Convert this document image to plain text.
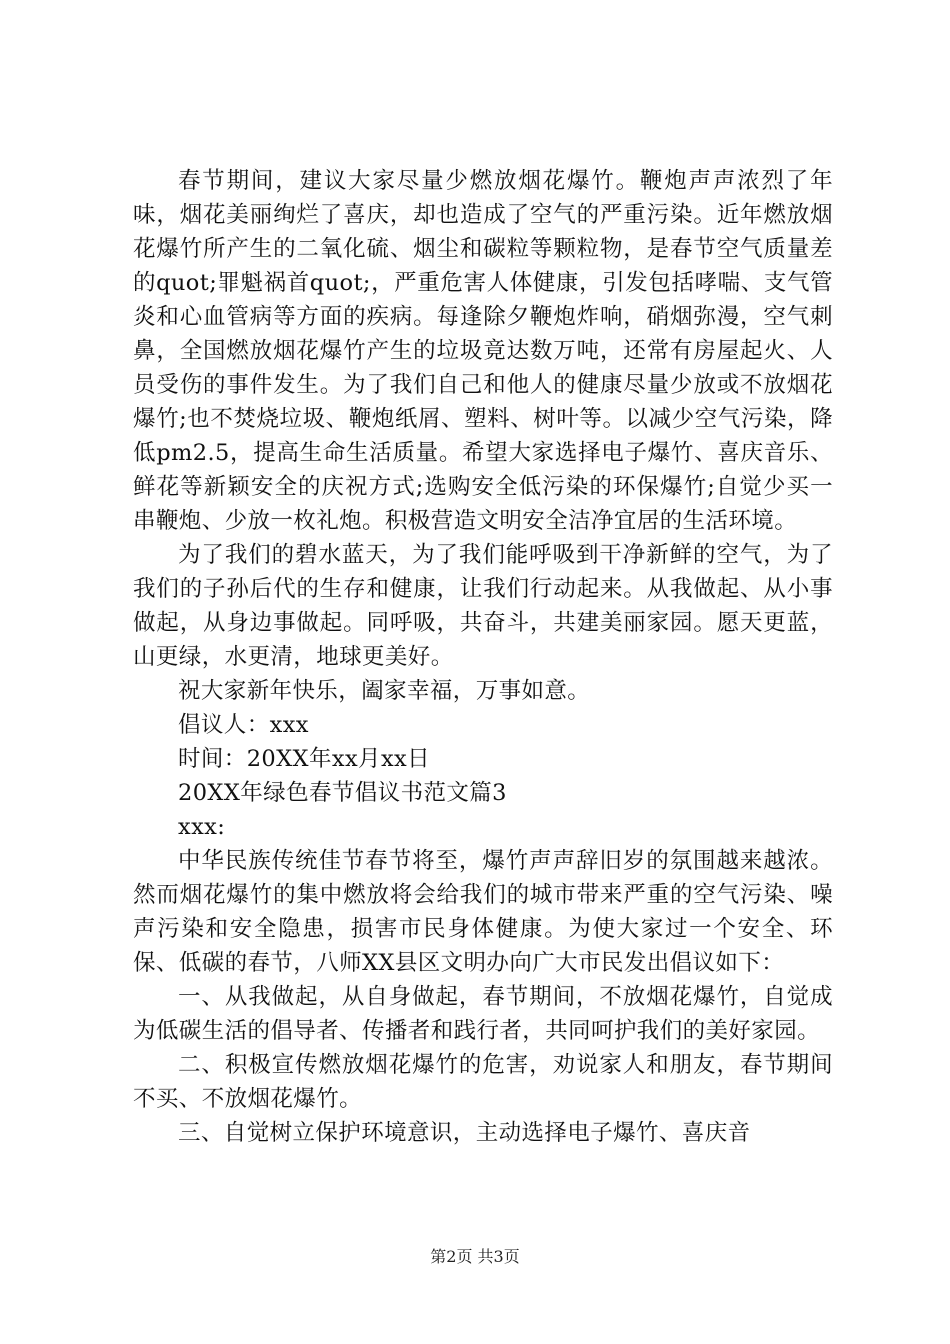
春节期间，建议大家尽量少燃放烟花爆竹。鞭炮声声浓烈了年味，烟花美丽绚烂了喜庆，却也造成了空气的严重污染。近年燃放烟花爆竹所产生的二氧化硫、烟尘和碳粒等颗粒物，是春节空气质量差的quot;罪魁祸首quot;，严重危害人体健康，引发包括哮喘、支气管炎和心血管病等方面的疾病。每逢除夕鞭炮炸响，硝烟弥漫，空气刺鼻，全国燃放烟花爆竹产生的垃圾竟达数万吨，还常有房屋起火、人员受伤的事件发生。为了我们自己和他人的健康尽量少放或不放烟花爆竹;也不焚烧垃圾、鞭炮纸屑、塑料、树叶等。以减少空气污染，降低pm2.5，提高生命生活质量。希望大家选择电子爆竹、喜庆音乐、鲜花等新颖安全的庆祝方式;选购安全低污染的环保爆竹;自觉少买一串鞭炮、少放一枚礼炮。积极营造文明安全洁净宜居的生活环境。

为了我们的碧水蓝天，为了我们能呼吸到干净新鲜的空气，为了我们的子孙后代的生存和健康，让我们行动起来。从我做起、从小事做起，从身边事做起。同呼吸，共奋斗，共建美丽家园。愿天更蓝，山更绿，水更清，地球更美好。

祝大家新年快乐，阖家幸福，万事如意。

倡议人：xxx

时间：20XX年xx月xx日

20XX年绿色春节倡议书范文篇3

xxx:

中华民族传统佳节春节将至，爆竹声声辞旧岁的氛围越来越浓。然而烟花爆竹的集中燃放将会给我们的城市带来严重的空气污染、噪声污染和安全隐患，损害市民身体健康。为使大家过一个安全、环保、低碳的春节，八师XX县区文明办向广大市民发出倡议如下：

一、从我做起，从自身做起，春节期间，不放烟花爆竹，自觉成为低碳生活的倡导者、传播者和践行者，共同呵护我们的美好家园。

二、积极宣传燃放烟花爆竹的危害，劝说家人和朋友，春节期间不买、不放烟花爆竹。

三、自觉树立保护环境意识，主动选择电子爆竹、喜庆音

第2页 共3页
